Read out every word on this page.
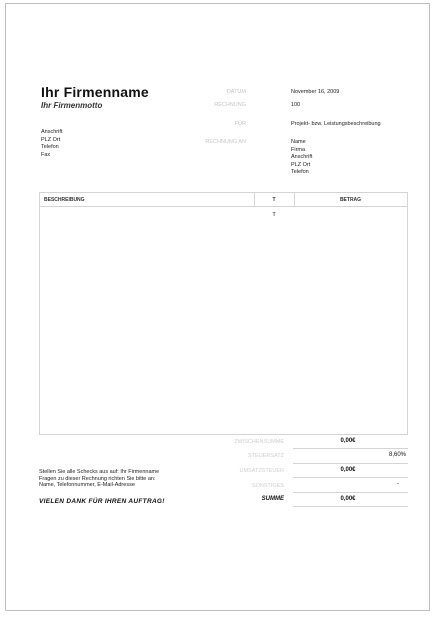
Ihr Firmenname
Ihr Firmenmotto
Anschrift
PLZ Ort
Telefon
Fax
DATUM	November 16, 2009
RECHNUNG	100
FÜR	Projekt- bzw. Leistungsbeschreibung
RECHNUNG AN	Name
Firma
Anschrift
PLZ Ort
Telefon
BESCHREIBUNG	T	BETRAG
T
ZWISCHENSUMME	0,00€
STEUERSATZ	8,60%
UMSATZSTEUER	0,00€
SONSTIGES	-
SUMME	0,00€
Stellen Sie alle Schecks aus auf: Ihr Firmenname
Fragen zu dieser Rechnung richten Sie bitte an:
Name, Telefonnummer, E-Mail-Adresse
VIELEN DANK FÜR IHREN AUFTRAG!
